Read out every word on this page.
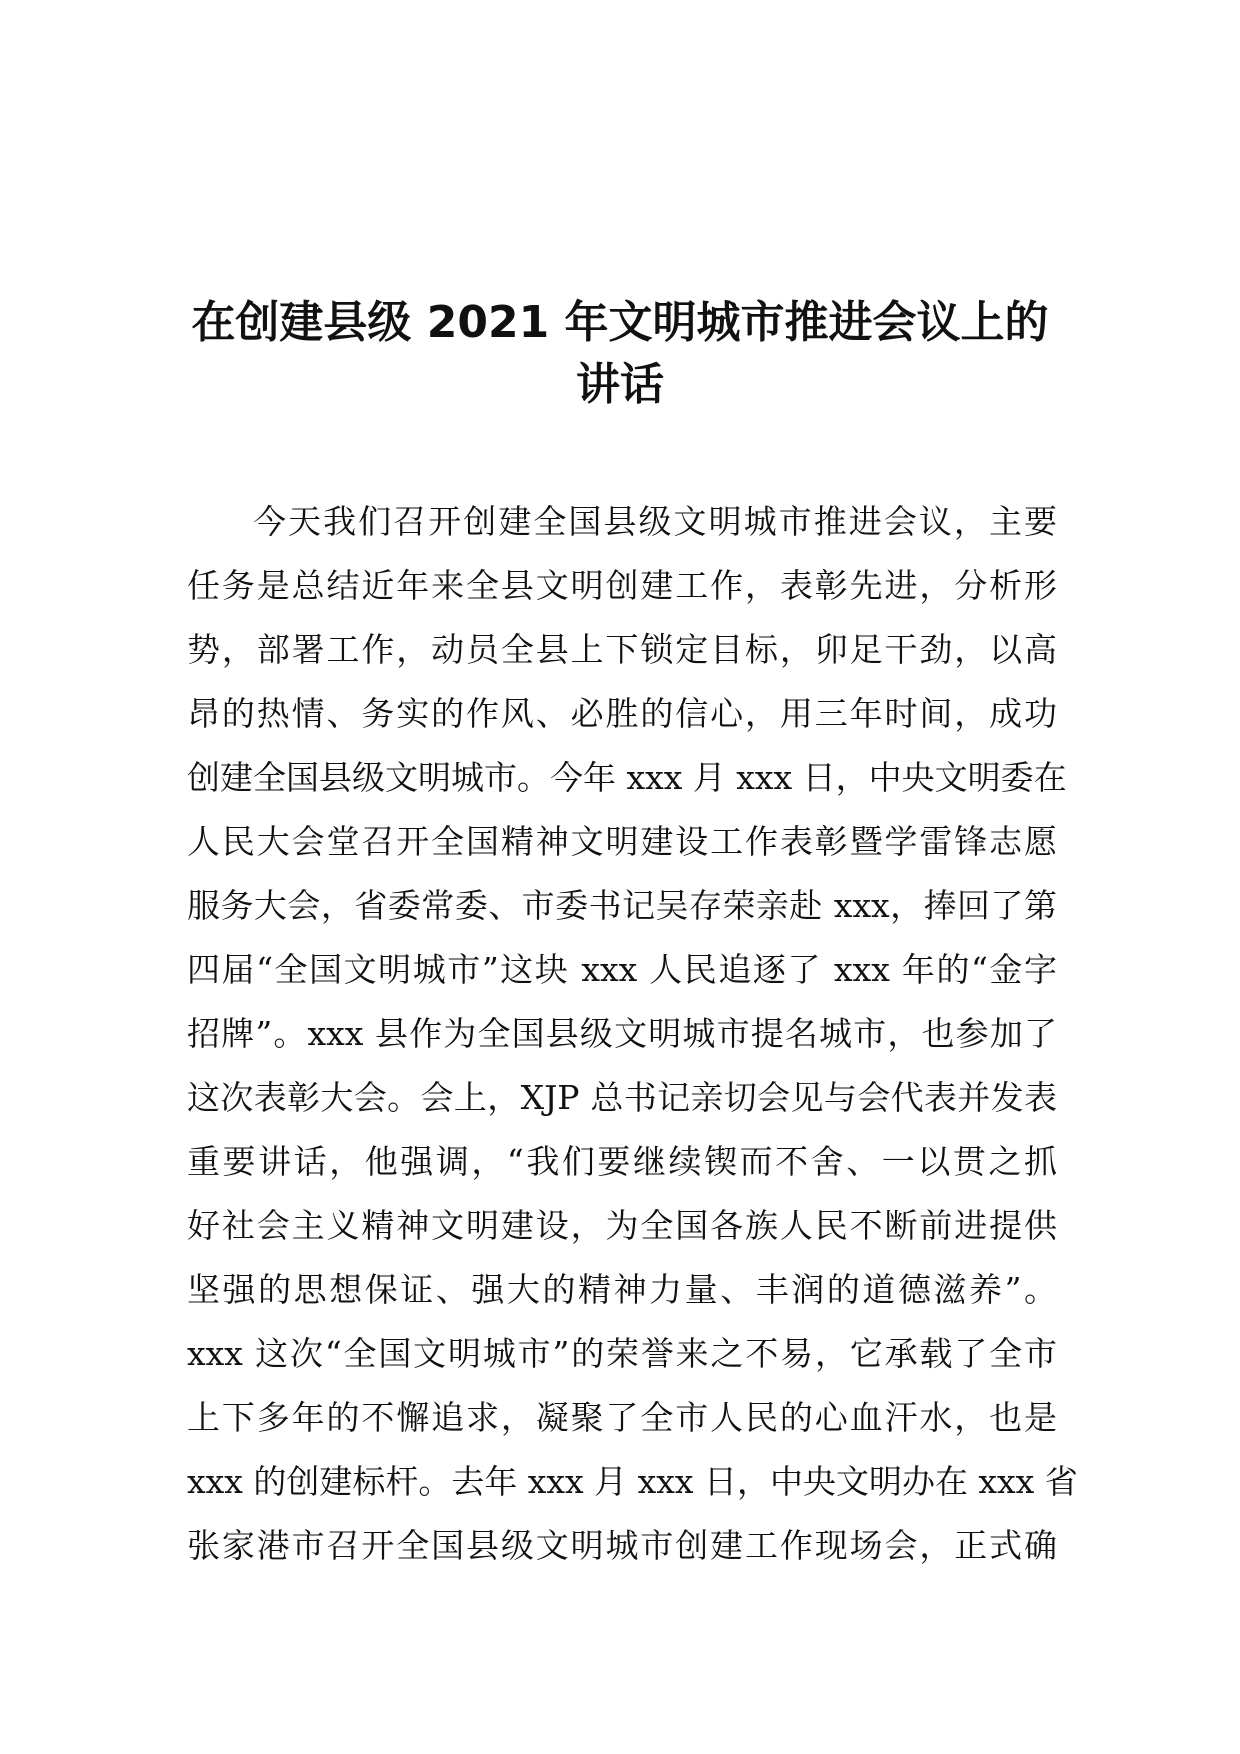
在创建县级 2021 年文明城市推进会议上的
讲话
今天我们召开创建全国县级文明城市推进会议，主要
任务是总结近年来全县文明创建工作，表彰先进，分析形
势，部署工作，动员全县上下锁定目标，卯足干劲，以高
昂的热情、务实的作风、必胜的信心，用三年时间，成功
创建全国县级文明城市。今年 xxx 月 xxx 日，中央文明委在
人民大会堂召开全国精神文明建设工作表彰暨学雷锋志愿
服务大会，省委常委、市委书记吴存荣亲赴 xxx，捧回了第
四届“全国文明城市”这块 xxx 人民追逐了 xxx 年的“金字
招牌”。xxx 县作为全国县级文明城市提名城市，也参加了
这次表彰大会。会上，XJP 总书记亲切会见与会代表并发表
重要讲话，他强调，“我们要继续锲而不舍、一以贯之抓
好社会主义精神文明建设，为全国各族人民不断前进提供
坚强的思想保证、强大的精神力量、丰润的道德滋养”。
xxx 这次“全国文明城市”的荣誉来之不易，它承载了全市
上下多年的不懈追求，凝聚了全市人民的心血汗水，也是
xxx 的创建标杆。去年 xxx 月 xxx 日，中央文明办在 xxx 省
张家港市召开全国县级文明城市创建工作现场会，正式确
